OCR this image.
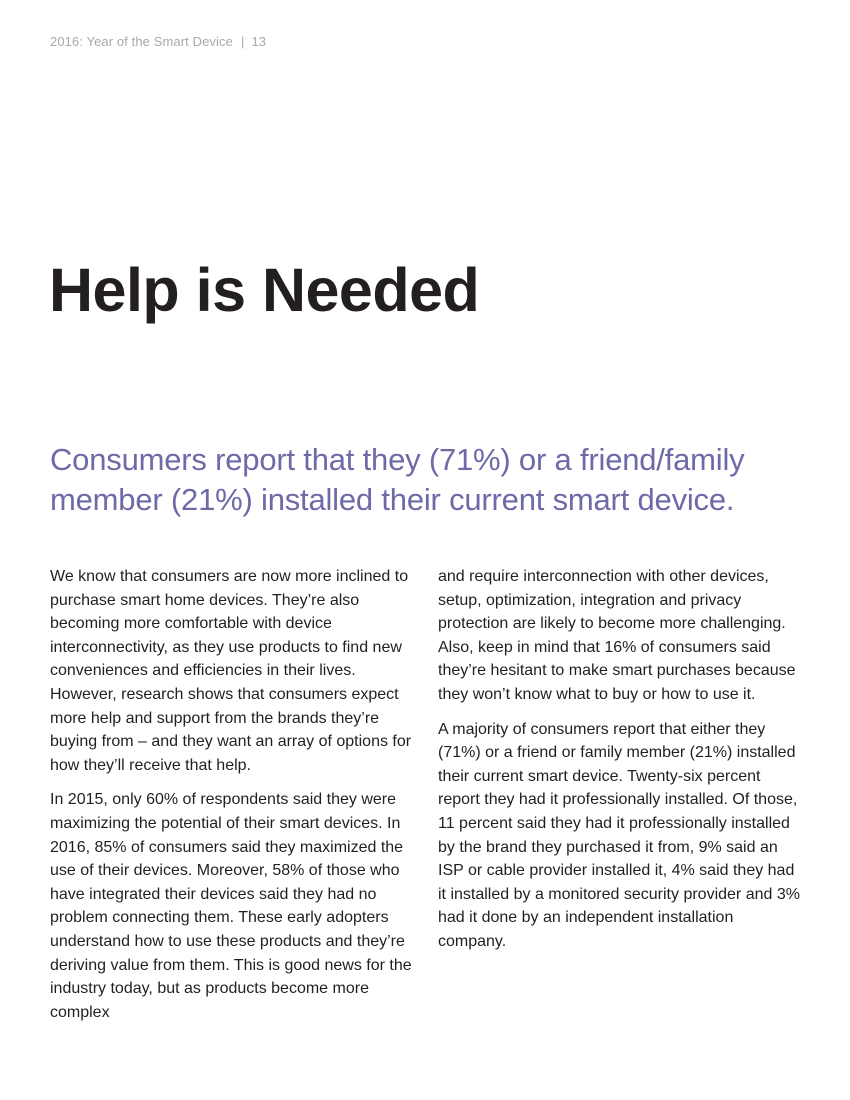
2016: Year of the Smart Device | 13
Help is Needed
Consumers report that they (71%) or a friend/family member (21%) installed their current smart device.

We know that consumers are now more inclined to purchase smart home devices. They’re also becoming more comfortable with device interconnectivity, as they use products to find new conveniences and efficiencies in their lives. However, research shows that consumers expect more help and support from the brands they’re buying from – and they want an array of options for how they’ll receive that help.

In 2015, only 60% of respondents said they were maximizing the potential of their smart devices. In 2016, 85% of consumers said they maximized the use of their devices. Moreover, 58% of those who have integrated their devices said they had no problem connecting them. These early adopters understand how to use these products and they’re deriving value from them. This is good news for the industry today, but as products become more complex

and require interconnection with other devices, setup, optimization, integration and privacy protection are likely to become more challenging. Also, keep in mind that 16% of consumers said they’re hesitant to make smart purchases because they won’t know what to buy or how to use it.

A majority of consumers report that either they (71%) or a friend or family member (21%) installed their current smart device. Twenty-six percent report they had it professionally installed. Of those, 11 percent said they had it professionally installed by the brand they purchased it from, 9% said an ISP or cable provider installed it, 4% said they had it installed by a monitored security provider and 3% had it done by an independent installation company.
